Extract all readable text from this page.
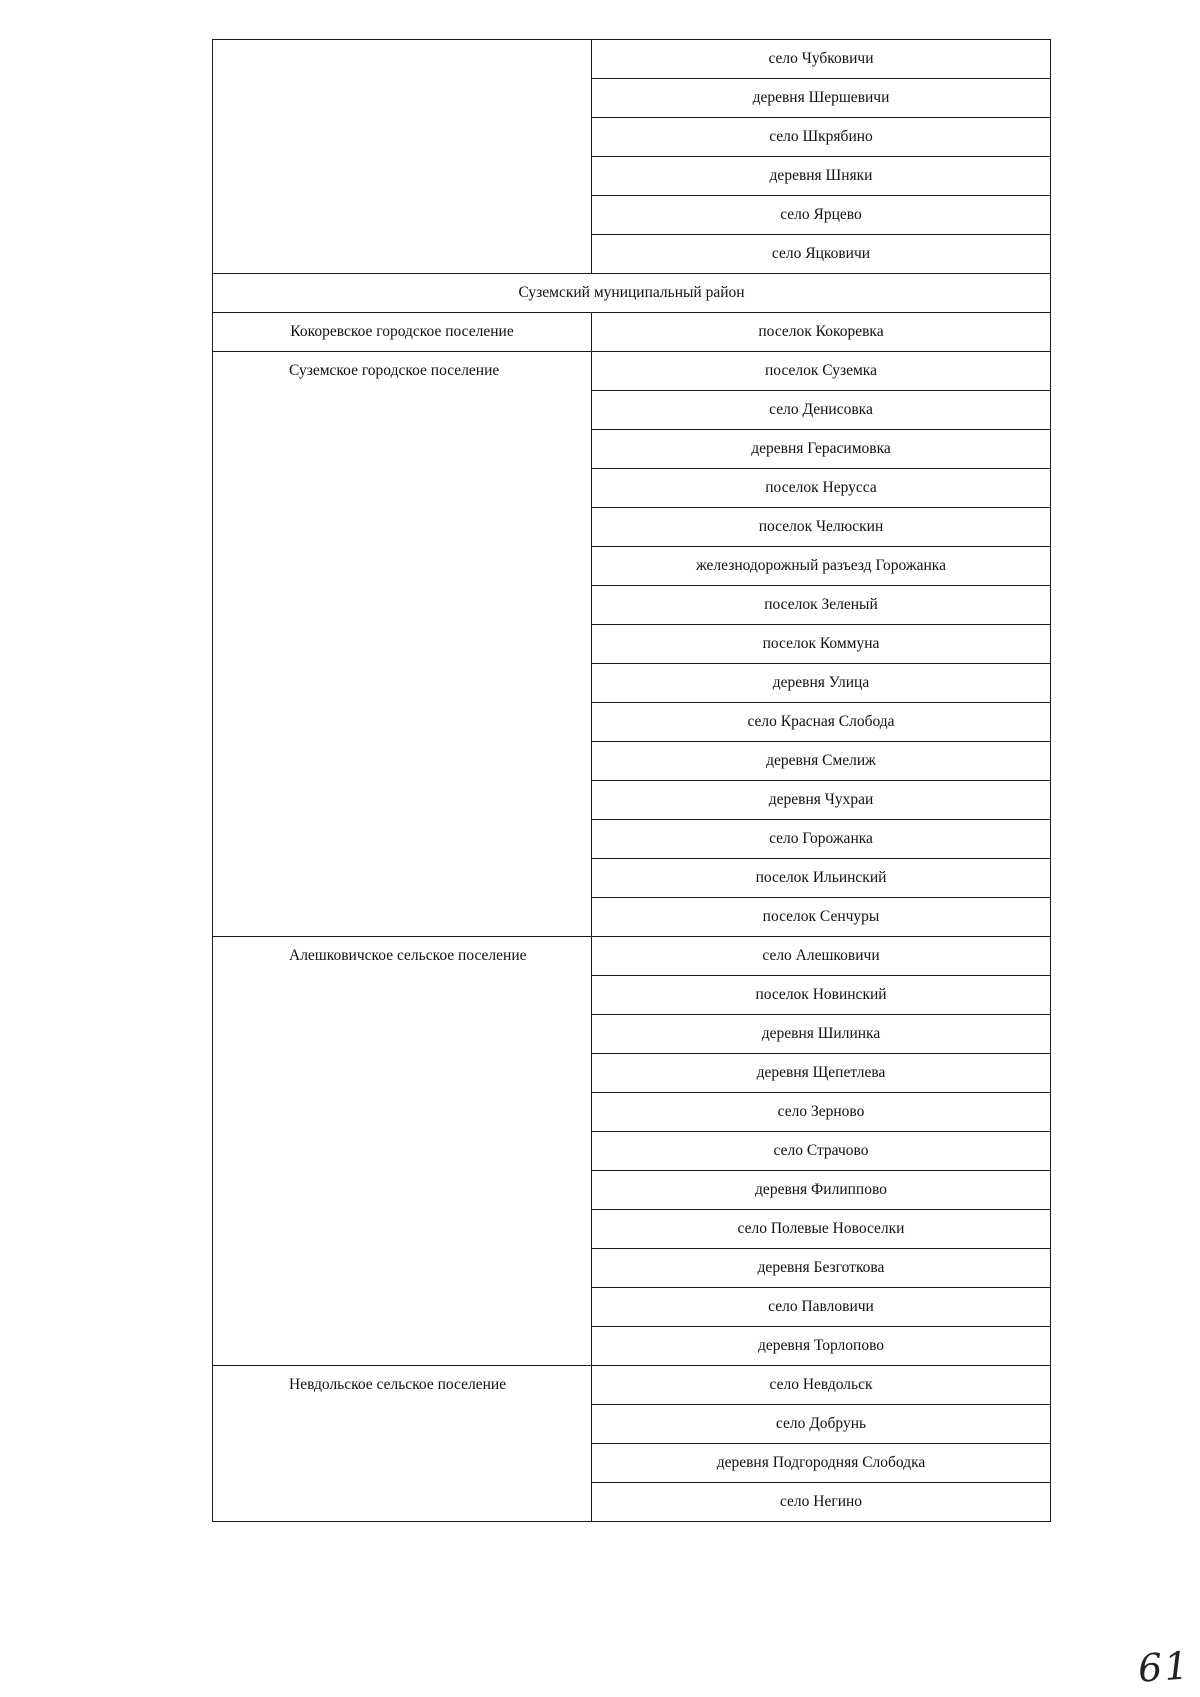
	село Чубковичи
	деревня Шершевичи
	село Шкрябино
	деревня Шняки
	село Ярцево
	село Яцковичи
Суземский муниципальный район	
Кокоревское городское поселение	поселок Кокоревка
Суземское городское поселение	поселок Суземка
	село Денисовка
	деревня Герасимовка
	поселок Нерусса
	поселок Челюскин
	железнодорожный разъезд Горожанка
	поселок Зеленый
	поселок Коммуна
	деревня Улица
	село Красная Слобода
	деревня Смелиж
	деревня Чухраи
	село Горожанка
	поселок Ильинский
	поселок Сенчуры
Алешковичское сельское поселение	село Алешковичи
	поселок Новинский
	деревня Шилинка
	деревня Щепетлева
	село Зерново
	село Страчово
	деревня Филиппово
	село Полевые Новоселки
	деревня Безготкова
	село Павловичи
	деревня Торлопово
Невдольское сельское поселение	село Невдольск
	село Добрунь
	деревня Подгородняя Слободка
	село Негино
61
